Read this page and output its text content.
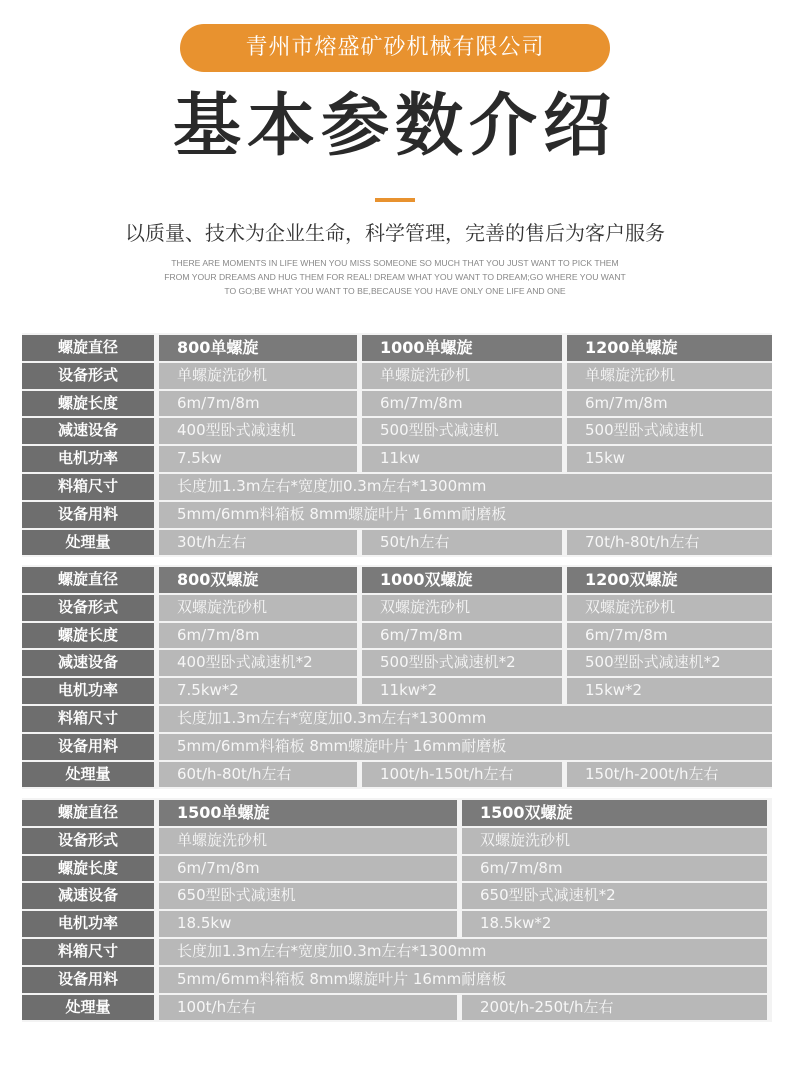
青州市熔盛矿砂机械有限公司
基本参数介绍
以质量、技术为企业生命，科学管理，完善的售后为客户服务
THERE ARE MOMENTS IN LIFE WHEN YOU MISS SOMEONE SO MUCH THAT YOU JUST WANT TO PICK THEM
FROM YOUR DREAMS AND HUG THEM FOR REAL! DREAM WHAT YOU WANT TO DREAM;GO WHERE YOU WANT
TO GO;BE WHAT YOU WANT TO BE,BECAUSE YOU HAVE ONLY ONE LIFE AND ONE
螺旋直径	800单螺旋	1000单螺旋	1200单螺旋
设备形式	单螺旋洗砂机	单螺旋洗砂机	单螺旋洗砂机
螺旋长度	6m/7m/8m	6m/7m/8m	6m/7m/8m
减速设备	400型卧式减速机	500型卧式减速机	500型卧式减速机
电机功率	7.5kw	11kw	15kw
料箱尺寸	长度加1.3m左右*宽度加0.3m左右*1300mm
设备用料	5mm/6mm料箱板 8mm螺旋叶片 16mm耐磨板
处理量	30t/h左右	50t/h左右	70t/h-80t/h左右
螺旋直径	800双螺旋	1000双螺旋	1200双螺旋
设备形式	双螺旋洗砂机	双螺旋洗砂机	双螺旋洗砂机
螺旋长度	6m/7m/8m	6m/7m/8m	6m/7m/8m
减速设备	400型卧式减速机*2	500型卧式减速机*2	500型卧式减速机*2
电机功率	7.5kw*2	11kw*2	15kw*2
料箱尺寸	长度加1.3m左右*宽度加0.3m左右*1300mm
设备用料	5mm/6mm料箱板 8mm螺旋叶片 16mm耐磨板
处理量	60t/h-80t/h左右	100t/h-150t/h左右	150t/h-200t/h左右
螺旋直径	1500单螺旋	1500双螺旋
设备形式	单螺旋洗砂机	双螺旋洗砂机
螺旋长度	6m/7m/8m	6m/7m/8m
减速设备	650型卧式减速机	650型卧式减速机*2
电机功率	18.5kw	18.5kw*2
料箱尺寸	长度加1.3m左右*宽度加0.3m左右*1300mm
设备用料	5mm/6mm料箱板 8mm螺旋叶片 16mm耐磨板
处理量	100t/h左右	200t/h-250t/h左右
